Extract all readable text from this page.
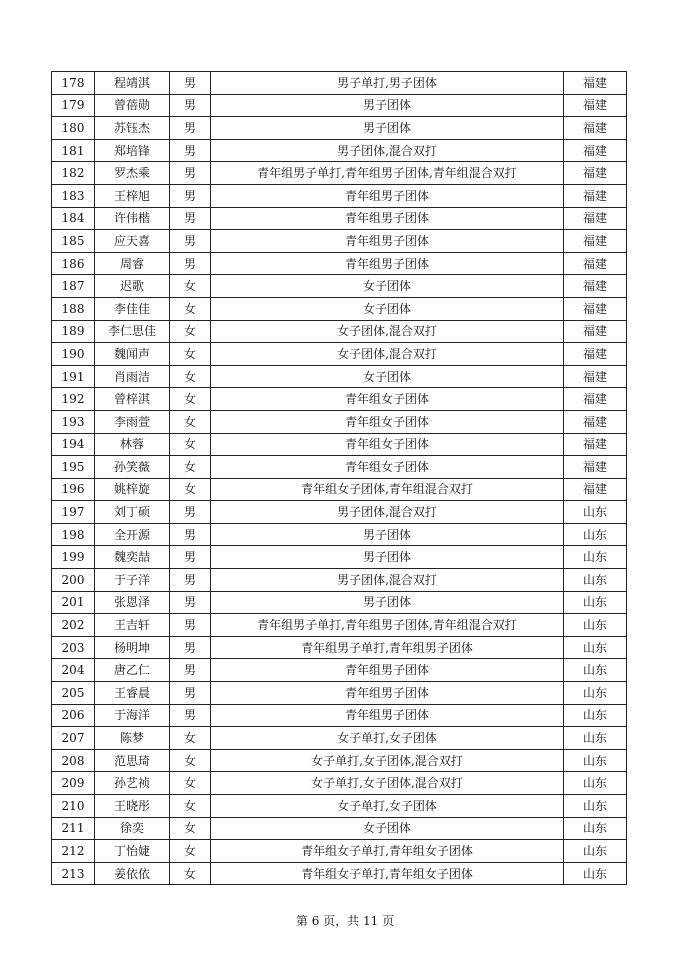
178	程靖淇	男	男子单打,男子团体	福建
179	曾蓓勋	男	男子团体	福建
180	苏钰杰	男	男子团体	福建
181	郑培锋	男	男子团体,混合双打	福建
182	罗杰乘	男	青年组男子单打,青年组男子团体,青年组混合双打	福建
183	王梓旭	男	青年组男子团体	福建
184	许伟楷	男	青年组男子团体	福建
185	应天喜	男	青年组男子团体	福建
186	周睿	男	青年组男子团体	福建
187	迟歌	女	女子团体	福建
188	李佳佳	女	女子团体	福建
189	李仁思佳	女	女子团体,混合双打	福建
190	魏闻声	女	女子团体,混合双打	福建
191	肖雨洁	女	女子团体	福建
192	曾梓淇	女	青年组女子团体	福建
193	李雨萱	女	青年组女子团体	福建
194	林蓉	女	青年组女子团体	福建
195	孙笑薇	女	青年组女子团体	福建
196	姚梓旋	女	青年组女子团体,青年组混合双打	福建
197	刘丁硕	男	男子团体,混合双打	山东
198	全开源	男	男子团体	山东
199	魏奕喆	男	男子团体	山东
200	于子洋	男	男子团体,混合双打	山东
201	张恩泽	男	男子团体	山东
202	王吉轩	男	青年组男子单打,青年组男子团体,青年组混合双打	山东
203	杨明坤	男	青年组男子单打,青年组男子团体	山东
204	唐乙仁	男	青年组男子团体	山东
205	王睿晨	男	青年组男子团体	山东
206	于海洋	男	青年组男子团体	山东
207	陈梦	女	女子单打,女子团体	山东
208	范思琦	女	女子单打,女子团体,混合双打	山东
209	孙艺祯	女	女子单打,女子团体,混合双打	山东
210	王晓彤	女	女子单打,女子团体	山东
211	徐奕	女	女子团体	山东
212	丁怡婕	女	青年组女子单打,青年组女子团体	山东
213	姜依依	女	青年组女子单打,青年组女子团体	山东
第 6 页，共 11 页
